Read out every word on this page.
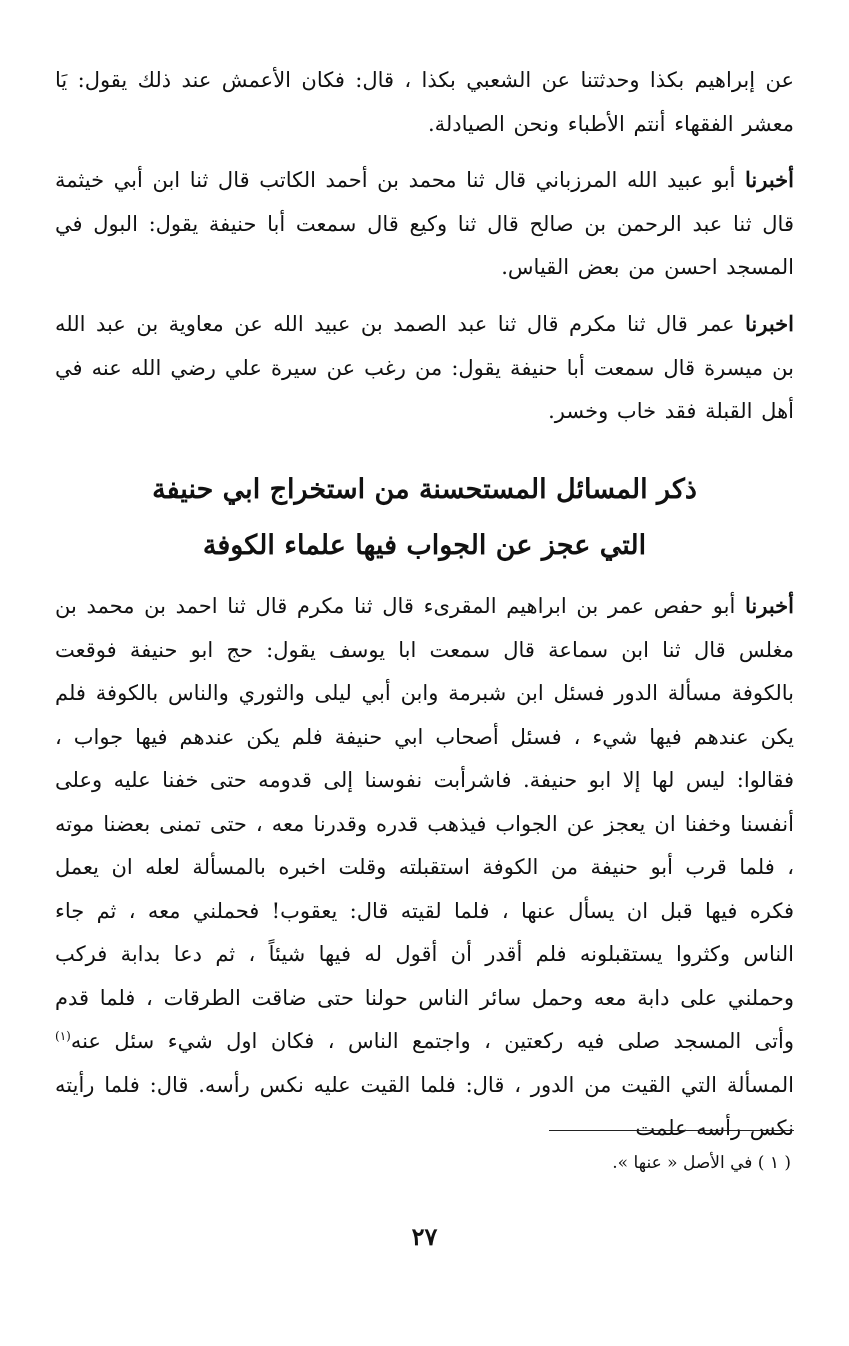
عن إبراهيم بكذا وحدثتنا عن الشعبي بكذا ، قال: فكان الأعمش عند ذلك يقول: يَا معشر الفقهاء أنتم الأطباء ونحن الصيادلة.

أخبرنا أبو عبيد الله المرزباني قال ثنا محمد بن أحمد الكاتب قال ثنا ابن أبي خيثمة قال ثنا عبد الرحمن بن صالح قال ثنا وكيع قال سمعت أبا حنيفة يقول: البول في المسجد احسن من بعض القياس.

اخبرنا عمر قال ثنا مكرم قال ثنا عبد الصمد بن عبيد الله عن معاوية بن عبد الله بن ميسرة قال سمعت أبا حنيفة يقول: من رغب عن سيرة علي رضي الله عنه في أهل القبلة فقد خاب وخسر.

ذكر المسائل المستحسنة من استخراج ابي حنيفة
التي عجز عن الجواب فيها علماء الكوفة

أخبرنا أبو حفص عمر بن ابراهيم المقرىء قال ثنا مكرم قال ثنا احمد بن محمد بن مغلس قال ثنا ابن سماعة قال سمعت ابا يوسف يقول: حج ابو حنيفة فوقعت بالكوفة مسألة الدور فسئل ابن شبرمة وابن أبي ليلى والثوري والناس بالكوفة فلم يكن عندهم فيها شيء ، فسئل أصحاب ابي حنيفة فلم يكن عندهم فيها جواب ، فقالوا: ليس لها إلا ابو حنيفة. فاشرأبت نفوسنا إلى قدومه حتى خفنا عليه وعلى أنفسنا وخفنا ان يعجز عن الجواب فيذهب قدره وقدرنا معه ، حتى تمنى بعضنا موته ، فلما قرب أبو حنيفة من الكوفة استقبلته وقلت اخبره بالمسألة لعله ان يعمل فكره فيها قبل ان يسأل عنها ، فلما لقيته قال: يعقوب! فحملني معه ، ثم جاء الناس وكثروا يستقبلونه فلم أقدر أن أقول له فيها شيئاً ، ثم دعا بدابة فركب وحملني على دابة معه وحمل سائر الناس حولنا حتى ضاقت الطرقات ، فلما قدم وأتى المسجد صلى فيه ركعتين ، واجتمع الناس ، فكان اول شيء سئل عنه$^{(١)}$ المسألة التي القيت من الدور ، قال: فلما القيت عليه نكس رأسه. قال: فلما رأيته نكس رأسه علمت

( ١ ) في الأصل « عنها ».
٢٧
